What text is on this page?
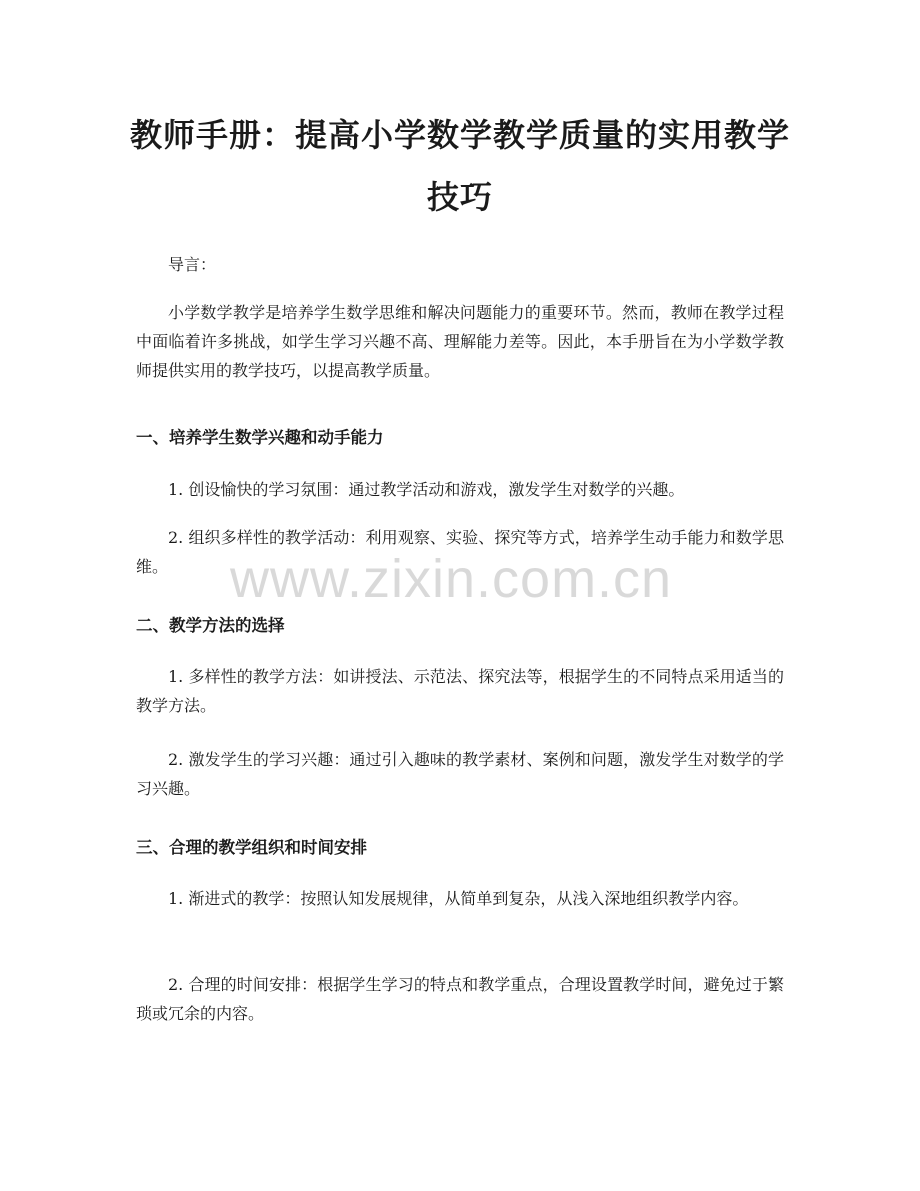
教师手册：提高小学数学教学质量的实用教学技巧

导言：

小学数学教学是培养学生数学思维和解决问题能力的重要环节。然而，教师在教学过程中面临着许多挑战，如学生学习兴趣不高、理解能力差等。因此，本手册旨在为小学数学教师提供实用的教学技巧，以提高教学质量。

一、培养学生数学兴趣和动手能力

1. 创设愉快的学习氛围：通过教学活动和游戏，激发学生对数学的兴趣。

2. 组织多样性的教学活动：利用观察、实验、探究等方式，培养学生动手能力和数学思维。

二、教学方法的选择

1. 多样性的教学方法：如讲授法、示范法、探究法等，根据学生的不同特点采用适当的教学方法。

2. 激发学生的学习兴趣：通过引入趣味的教学素材、案例和问题，激发学生对数学的学习兴趣。

三、合理的教学组织和时间安排

1. 渐进式的教学：按照认知发展规律，从简单到复杂，从浅入深地组织教学内容。

2. 合理的时间安排：根据学生学习的特点和教学重点，合理设置教学时间，避免过于繁琐或冗余的内容。

www.zixin.com.cn
